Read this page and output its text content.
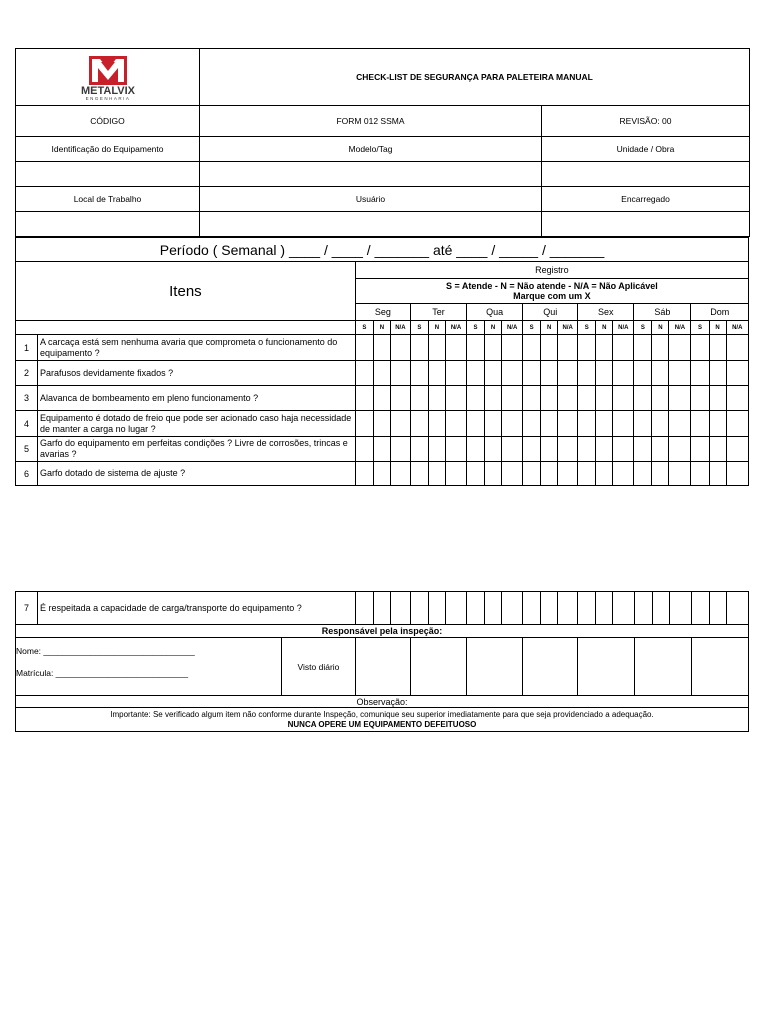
METALVIX
ENGENHARIA	CHECK-LIST DE SEGURANÇA PARA PALETEIRA MANUAL	
CÓDIGO	FORM 012 SSMA	REVISÃO: 00
Identificação do Equipamento	Modelo/Tag	Unidade / Obra

Local de Trabalho	Usuário	Encarregado

Período ( Semanal ) ____ / ____ / _______ até ____ / _____ / _______																						
Itens		Registro																				

		S = Atende - N = Não atende - N/A = Não Aplicável
Marque com um X																				

		Seg			Ter			Qua			Qui			Sex			Sáb			Dom		
		S	N	N/A	S	N	N/A	S	N	N/A	S	N	N/A	S	N	N/A	S	N	N/A	S	N	N/A
1	A carcaça está sem nenhuma avaria que comprometa o funcionamento do equipamento ?																					
2	Parafusos devidamente fixados ?																					
3	Alavanca de bombeamento em pleno funcionamento ?																					
4	Equipamento é dotado de freio que pode ser acionado caso haja necessidade de manter a carga no lugar ?																					
5	Garfo do equipamento em perfeitas condições ? Livre de corrosões, trincas e avarias ?																					
6	Garfo dotado de sistema de ajuste ?																					
7	É respeitada a capacidade de carga/transporte do equipamento ?																					
Responsável pela inspeção:																						

Nome: ________________________________
Matrícula: ____________________________
Visto diário																						

Observação:																						

Importante: Se verificado algum item não conforme durante Inspeção, comunique seu superior imediatamente para que seja providenciado a adequação.
NUNCA OPERE UM EQUIPAMENTO DEFEITUOSO																						
